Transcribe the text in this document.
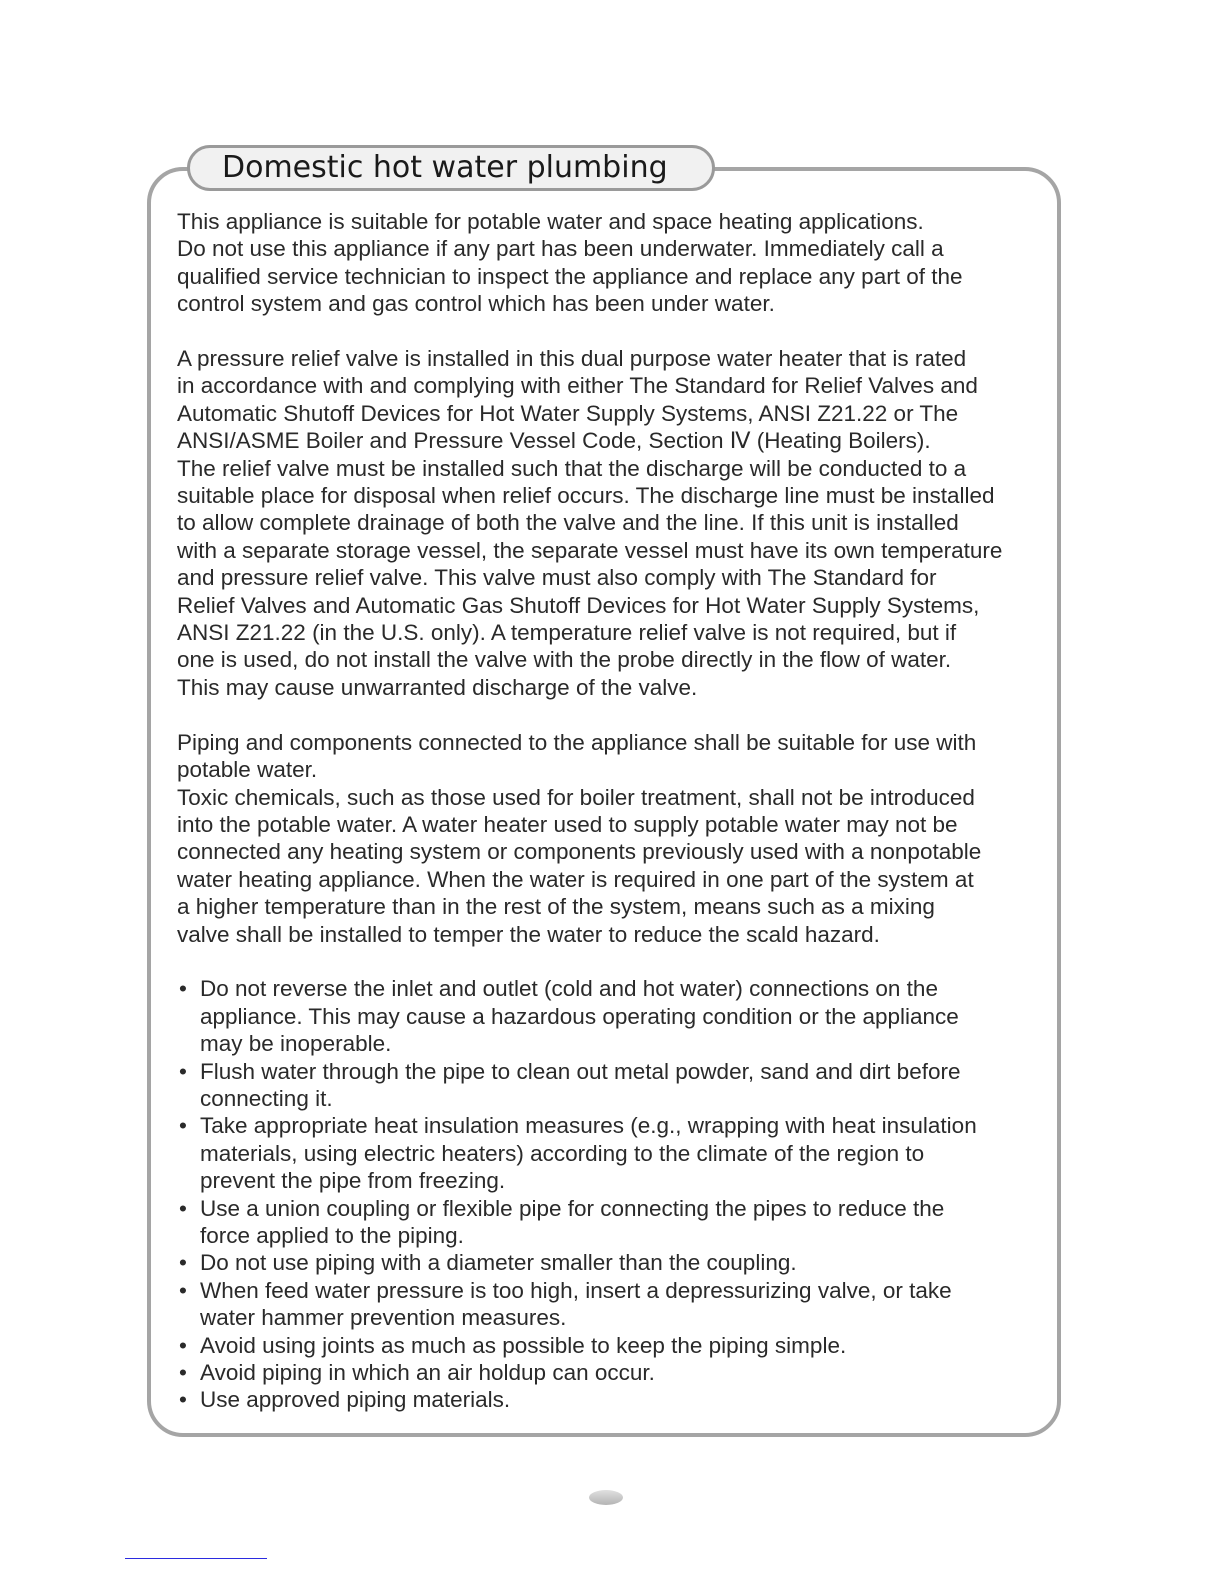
Domestic hot water plumbing

This appliance is suitable for potable water and space heating applications.

Do not use this appliance if any part has been underwater. Immediately call a

qualified service technician to inspect the appliance and replace any part of the

control system and gas control which has been under water.

A pressure relief valve is installed in this dual purpose water heater that is rated

in accordance with and complying with either The Standard for Relief Valves and

Automatic Shutoff Devices for Hot Water Supply Systems, ANSI Z21.22 or The

ANSI/ASME Boiler and Pressure Vessel Code, Section Ⅳ (Heating Boilers).

The relief valve must be installed such that the discharge will be conducted to a

suitable place for disposal when relief occurs. The discharge line must be installed

to allow complete drainage of both the valve and the line. If this unit is installed

with a separate storage vessel, the separate vessel must have its own temperature

and pressure relief valve. This valve must also comply with The Standard for

Relief Valves and Automatic Gas Shutoff Devices for Hot Water Supply Systems,

ANSI Z21.22 (in the U.S. only). A temperature relief valve is not required, but if

one is used, do not install the valve with the probe directly in the flow of water.

This may cause unwarranted discharge of the valve.

Piping and components connected to the appliance shall be suitable for use with

potable water.

Toxic chemicals, such as those used for boiler treatment, shall not be introduced

into the potable water. A water heater used to supply potable water may not be

connected any heating system or components previously used with a nonpotable

water heating appliance. When the water is required in one part of the system at

a higher temperature than in the rest of the system, means such as a mixing

valve shall be installed to temper the water to reduce the scald hazard.

• Do not reverse the inlet and outlet (cold and hot water) connections on the
appliance. This may cause a hazardous operating condition or the appliance
may be inoperable.
• Flush water through the pipe to clean out metal powder, sand and dirt before
connecting it.
• Take appropriate heat insulation measures (e.g., wrapping with heat insulation
materials, using electric heaters) according to the climate of the region to
prevent the pipe from freezing.
• Use a union coupling or flexible pipe for connecting the pipes to reduce the
force applied to the piping.
• Do not use piping with a diameter smaller than the coupling.
• When feed water pressure is too high, insert a depressurizing valve, or take
water hammer prevention measures.
• Avoid using joints as much as possible to keep the piping simple.
• Avoid piping in which an air holdup can occur.
• Use approved piping materials.
